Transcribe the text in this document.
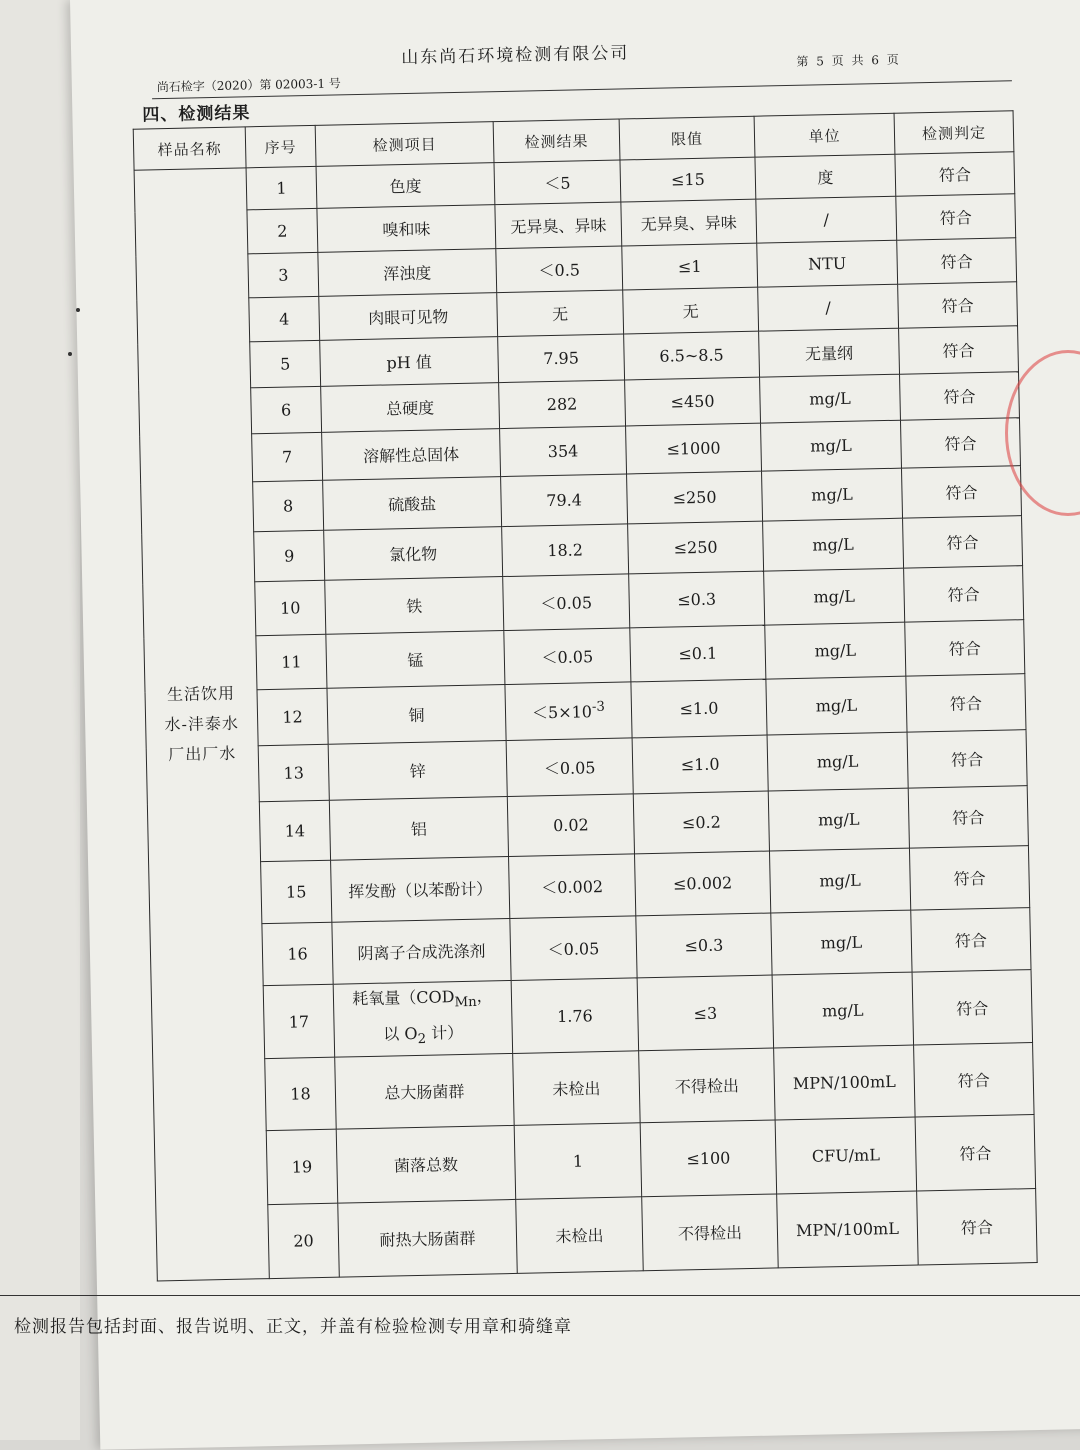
山东尚石环境检测有限公司
尚石检字（2020）第 02003-1 号
第 5 页 共 6 页
四、检测结果
样品名称	序号	检测项目	检测结果	限值	单位	检测判定

生活饮用
水-沣泰水
厂出厂水	1	色度	＜5	≤15	度	符合
	2	嗅和味	无异臭、异味	无异臭、异味	/	符合
	3	浑浊度	＜0.5	≤1	NTU	符合
	4	肉眼可见物	无	无	/	符合
	5	pH 值	7.95	6.5~8.5	无量纲	符合
	6	总硬度	282	≤450	mg/L	符合
	7	溶解性总固体	354	≤1000	mg/L	符合
	8	硫酸盐	79.4	≤250	mg/L	符合
	9	氯化物	18.2	≤250	mg/L	符合
	10	铁	＜0.05	≤0.3	mg/L	符合
	11	锰	＜0.05	≤0.1	mg/L	符合
	12	铜	$<5\times 10^{-3}$	≤1.0	mg/L	符合
	13	锌	＜0.05	≤1.0	mg/L	符合
	14	铝	0.02	≤0.2	mg/L	符合
	15	挥发酚（以苯酚计）	＜0.002	≤0.002	mg/L	符合
	16	阴离子合成洗涤剂	＜0.05	≤0.3	mg/L	符合
	17	耗氧量（$COD_{Mn}$，
以 $O_2$ 计）	1.76	≤3	mg/L	符合
	18	总大肠菌群	未检出	不得检出	MPN/100mL	符合
	19	菌落总数	1	≤100	CFU/mL	符合
	20	耐热大肠菌群	未检出	不得检出	MPN/100mL	符合
检测报告包括封面、报告说明、正文，并盖有检验检测专用章和骑缝章
